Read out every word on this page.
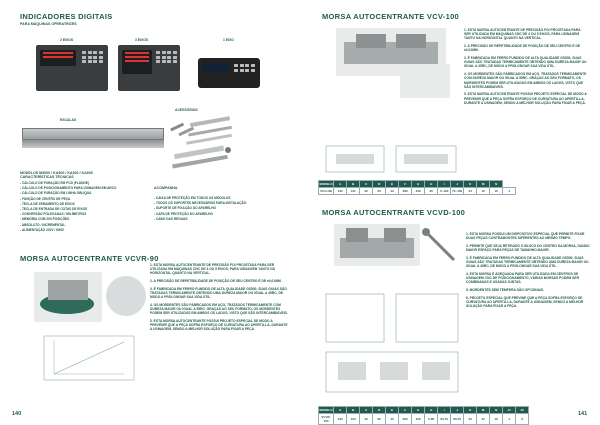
INDICADORES DIGITAIS
PARA MÁQUINAS OPERATRIZES
2 EIXOS	3 EIXOS	1 EIXO
ESCALAS
ACESSÓRIOS
MODELOS M3000 / KA500 / KA300 / KA600
CARACTERÍSTICAS TÉCNICAS
- CÁLCULO DE FURAÇÃO EM PCD (FLANGE)
- CÁLCULO DE POSICIONAMENTO PARA USINAGEM EM ARCO
- CÁLCULO DE FURAÇÃO EM LINHA OBLÍQUA
- FUNÇÃO DE CENTRO DE PEÇA
- TECLA DE ZERAMENTO DE EIXOS
- TECLA DE ENTRADA DE COTAS DE EIXOS
- CONVERSÃO POLEGADAS / MILÍMETROS
- MEMÓRIA COM 200 POSIÇÕES
- ABSOLUTO / INCREMENTAL
- ALIMENTAÇÃO 220V / 60HZ
ACOMPANHA
- CAIXA DE PROTEÇÃO EM TODOS OS MÓDULOS
- TODOS OS SUPORTES NECESSÁRIOS PARA INSTALAÇÃO
- SUPORTE DE FIXAÇÃO DO APARELHO
- CAPA DE PROTEÇÃO DO APARELHO
- CABO DAS RÉGUAS
MORSA AUTOCENTRANTE VCVR-90
1. ESTA MORSA AUTOCENTRANTE DE PRECISÃO FOI PROJETADA PARA SER UTILIZADA EM MÁQUINAS CNC DE 4 OU 5 EIXOS, PARA USINAGEM TANTO NA HORIZONTAL QUANTO NA VERTICAL.
2. A PRECISÃO DE REPETIBILIDADE DE POSIÇÃO DE SEU CENTRO É DE ±0,01MM.
3. É FABRICADA EM FERRO FUNDIDO DE ALTA QUALIDADE GS500, SUAS GUIAS SÃO TRATADAS TERMICAMENTE OBTENDO UMA DUREZA MAIOR OU IGUAL A 45RC, DE MODO A PROLONGAR SUA VIDA ÚTIL.
4. OS MORDENTES SÃO FABRICADOS EM AÇO, TRATADOS TERMICAMENTE COM DUREZA MAIOR OU IGUAL A 55RC. GRAÇAS AO SEU FORMATO, OS MORDENTES PODEM SER UTILIZADOS EM AMBOS OS LADOS, VISTO QUE SÃO INTERCAMBIÁVEIS.
5. ESTA MORSA AUTOCENTRANTE POSSUI PROJETO ESPECIAL DE MODO A PREVENIR QUE A PEÇA SOFRA ESFORÇO DE CURVATURA AO APERTÁ-LA, DURANTE A USINAGEM, SENDO A MELHOR SOLUÇÃO PARA FIXAR A PEÇA.
140
MORSA AUTOCENTRANTE VCV-100
1. ESTA MORSA AUTOCENTRANTE DE PRECISÃO FOI PROJETADA PARA SER UTILIZADA EM MÁQUINAS CNC DE 4 OU 5 EIXOS, PARA USINAGEM TANTO NA HORIZONTAL QUANTO NA VERTICAL.
2. A PRECISÃO DE REPETIBILIDADE DE POSIÇÃO DE SEU CENTRO É DE ±0,01MM.
3. É FABRICADA EM FERRO FUNDIDO DE ALTA QUALIDADE GS500, SUAS GUIAS SÃO TRATADAS TERMICAMENTE OBTENDO UMA DUREZA MAIOR OU IGUAL A 45RC, DE MODO A PROLONGAR SUA VIDA ÚTIL.
4. OS MORDENTES SÃO FABRICADOS EM AÇO, TRATADOS TERMICAMENTE COM DUREZA MAIOR OU IGUAL A 55RC. GRAÇAS AO SEU FORMATO, OS MORDENTES PODEM SER UTILIZADOS EM AMBOS OS LADOS, VISTO QUE SÃO INTERCAMBIÁVEIS.
5. ESTA MORSA AUTOCENTRANTE POSSUI PROJETO ESPECIAL DE MODO A PREVENIR QUE A PEÇA SOFRA ESFORÇO DE CURVATURA AO APERTÁ-LA, DURANTE A USINAGEM, SENDO A MELHOR SOLUÇÃO PARA FIXAR A PEÇA.
MODELO	A	B	C	D	E	F	G	H	I	J	K	M	N	
VCV-100	132	121	32	60	40	380	340	30	0~160	70~150	34	12	16	4
MORSA AUTOCENTRANTE VCVD-100
1. ESTA MORSA POSSUI UM DISPOSITIVO ESPECIAL QUE PERMITE FIXAR DUAS PEÇAS CONTRAMONTES DIFERENTES AO MESMO TEMPO.
2. PERMITE QUE SEJA RETIRADO O BLOCO DO CENTRO DA MORSA, DANDO MAIOR ESPAÇO PARA PEÇAS DE TAMANHO MAIOR.
3. É FABRICADA EM FERRO FUNDIDO DE ALTA QUALIDADE GS500, SUAS GUIAS SÃO TRATADAS TERMICAMENTE OBTENDO UMA DUREZA MAIOR OU IGUAL A 45RC, DE MODO A PROLONGAR SUA VIDA ÚTIL.
4. ESTA MORSA É ADEQUADA PARA SER UTILIZADA EM CENTROS DE USINAGEM CNC DE POSICIONAMENTO, VÁRIAS MORSAS PODEM SER COMBINADAS E USADAS JUNTAS.
5. MORDENTES SEM TEMPERA SÃO OPCIONAIS.
6. PROJETO ESPECIAL QUE PREVINE QUE A PEÇA SOFRA ESFORÇO DE CURVATURA AO APERTÁ-LA, DURANTE A USINAGEM, SENDO A MELHOR SOLUÇÃO PARA FIXAR A PEÇA.
MODELO	A	B	C	D	E	F	G	H	I	J	K	M	N	J1	J2
VCVD-100	130	122	32	60	40	360	340	0-85	60-70	80-55	33	12	16	4	6
141
